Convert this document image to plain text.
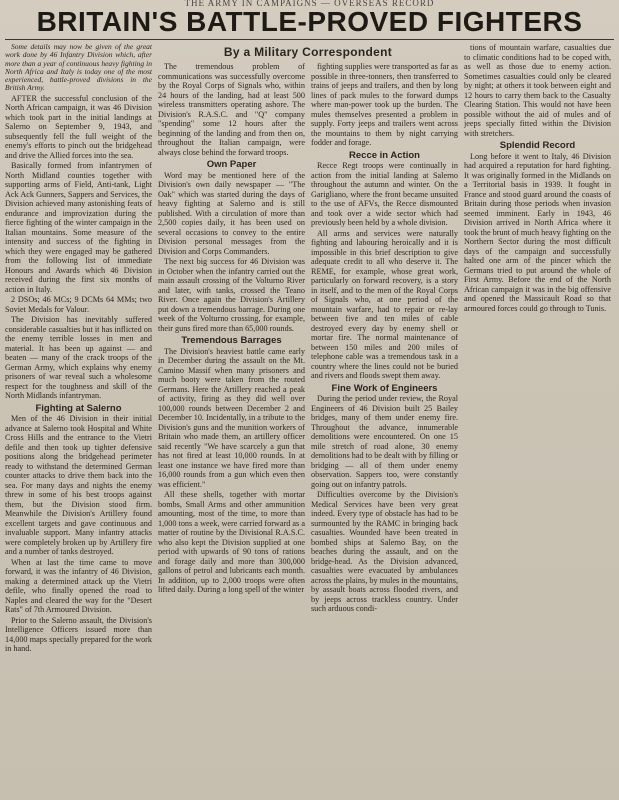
THE ARMY IN CAMPAIGNS — OVERSEAS RECORD
BRITAIN'S BATTLE-PROVED FIGHTERS

Some details may now be given of the great work done by 46 Infantry Division which, after more than a year of continuous heavy fighting in North Africa and Italy is today one of the most experienced, battle-proved divisions in the British Army.

AFTER the successful conclusion of the North African campaign, it was 46 Division which took part in the initial landings at Salerno on September 9, 1943, and subsequently fell the full weight of the enemy's efforts to pinch out the bridgehead and drive the Allied forces into the sea.

Basically formed from infantrymen of North Midland counties together with supporting arms of Field, Anti-tank, Light Ack Ack Gunners, Sappers and Services, the Division achieved many astonishing feats of endurance and improvization during the fierce fighting of the winter campaign in the Italian mountains. Some measure of the intensity and success of the fighting in which they were engaged may be gathered from the following list of immediate Honours and Awards which 46 Division received during the first six months of action in Italy.

2 DSOs; 46 MCs; 9 DCMs 64 MMs; two Soviet Medals for Valour.

The Division has inevitably suffered considerable casualties but it has inflicted on the enemy terrible losses in men and material. It has been up against — and beaten — many of the crack troops of the German Army, which explains why enemy prisoners of war reveal such a wholesome respect for the toughness and skill of the North Midlands infantryman.

Fighting at Salerno

Men of the 46 Division in their initial advance at Salerno took Hospital and White Cross Hills and the entrance to the Vietri defile and then took up tighter defensive positions along the bridgehead perimeter ready to withstand the determined German counter attacks to drive them back into the sea. For many days and nights the enemy threw in some of his best troops against them, but the Division stood firm. Meanwhile the Division's Artillery found excellent targets and gave continuous and invaluable support. Many infantry attacks were completely broken up by Artillery fire and a number of tanks destroyed.

When at last the time came to move forward, it was the infantry of 46 Division, making a determined attack up the Vietri defile, who finally opened the road to Naples and cleared the way for the "Desert Rats" of 7th Armoured Division.

Prior to the Salerno assault, the Division's Intelligence Officers issued more than 14,000 maps specially prepared for the work in hand.

By a Military Correspondent

The tremendous problem of communications was successfully overcome by the Royal Corps of Signals who, within 24 hours of the landing, had at least 500 wireless transmitters operating ashore. The Division's R.A.S.C. and "Q" company "spending" some 12 hours after the beginning of the landing and from then on, throughout the Italian campaign, were always close behind the forward troops.

Own Paper

Word may be mentioned here of the Division's own daily newspaper — "The Oak" which was started during the days of heavy fighting at Salerno and is still published. With a circulation of more than 2,500 copies daily, it has been used on several occasions to convey to the entire Division personal messages from the Division and Corps Commanders.

The next big success for 46 Division was in October when the infantry carried out the main assault crossing of the Volturno River and later, with tanks, crossed the Teano River. Once again the Division's Artillery put down a tremendous barrage. During one week of the Volturno crossing, for example, their guns fired more than 65,000 rounds.

Tremendous Barrages

The Division's heaviest battle came early in December during the assault on the Mt. Camino Massif when many prisoners and much booty were taken from the routed Germans. Here the Artillery reached a peak of activity, firing as they did well over 100,000 rounds between December 2 and December 10. Incidentally, in a tribute to the Division's guns and the munition workers of Britain who made them, an artillery officer said recently "We have scarcely a gun that has not fired at least 10,000 rounds. In at least one instance we have fired more than 16,000 rounds from a gun which even then was efficient."

All these shells, together with mortar bombs, Small Arms and other ammunition amounting, most of the time, to more than 1,000 tons a week, were carried forward as a matter of routine by the Divisional R.A.S.C. who also kept the Division supplied at one period with upwards of 90 tons of rations and forage daily and more than 300,000 gallons of petrol and lubricants each month. In addition, up to 2,000 troops were often lifted daily. During a long spell of the winter

fighting supplies were transported as far as possible in three-tonners, then transferred to trains of jeeps and trailers, and then by long lines of pack mules to the forward dumps where man-power took up the burden. The mules themselves presented a problem in supply. Forty jeeps and trailers went across the mountains to them by night carrying fodder and forage.

Recce in Action

Recce Regt troops were continually in action from the initial landing at Salerno throughout the autumn and winter. On the Garigliano, where the front became unsuited to the use of AFVs, the Recce dismounted and took over a wide sector which had previously been held by a whole division.

All arms and services were naturally fighting and labouring heroically and it is impossible in this brief description to give adequate credit to all who deserve it. The REME, for example, whose great work, particularly on forward recovery, is a story in itself, and to the men of the Royal Corps of Signals who, at one period of the mountain warfare, had to repair or re-lay between five and ten miles of cable destroyed every day by enemy shell or mortar fire. The normal maintenance of between 150 miles and 200 miles of telephone cable was a tremendous task in a country where the lines could not be buried and rivers and floods swept them away.

Fine Work of Engineers

During the period under review, the Royal Engineers of 46 Division built 25 Bailey bridges, many of them under enemy fire. Throughout the advance, innumerable demolitions were encountered. On one 15 mile stretch of road alone, 30 enemy demolitions had to be dealt with by filling or bridging — all of them under enemy observation. Sappers too, were constantly going out on infantry patrols.

Difficulties overcome by the Division's Medical Services have been very great indeed. Every type of obstacle has had to be surmounted by the RAMC in bringing back casualties. Wounded have been treated in bombed ships at Salerno Bay, on the beaches during the assault, and on the bridge-head. As the Division advanced, casualties were evacuated by ambulances across the plains, by mules in the mountains, by assault boats across flooded rivers, and by jeeps across trackless country. Under such arduous condi-

tions of mountain warfare, casualties due to climatic conditions had to be coped with, as well as those due to enemy action. Sometimes casualties could only be cleared by night; at others it took between eight and 12 hours to carry them back to the Casualty Clearing Station. This would not have been possible without the aid of mules and of jeeps specially fitted within the Division with stretchers.

Splendid Record

Long before it went to Italy, 46 Division had acquired a reputation for hard fighting. It was originally formed in the Midlands on a Territorial basis in 1939. It fought in France and stood guard around the coasts of Britain during those periods when invasion seemed imminent. Early in 1943, 46 Division arrived in North Africa where it took the brunt of much heavy fighting on the Northern Sector during the most difficult days of the campaign and successfully halted one arm of the pincer which the Germans tried to put around the whole of First Army. Before the end of the North African campaign it was in the big offensive and opened the Massicault Road so that armoured forces could go through to Tunis.
